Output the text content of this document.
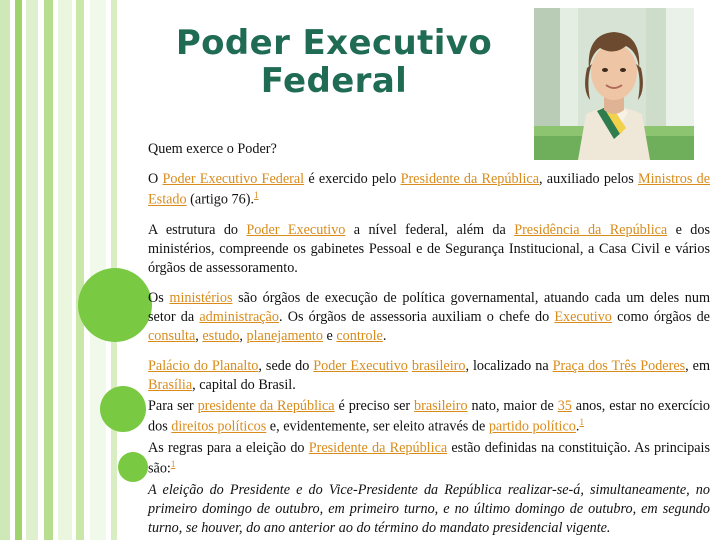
Poder Executivo
Federal

Quem exerce o Poder?

O Poder Executivo Federal é exercido pelo Presidente da República, auxiliado pelos Ministros de Estado (artigo 76).$^1$

A estrutura do Poder Executivo a nível federal, além da Presidência da República e dos ministérios, compreende os gabinetes Pessoal e de Segurança Institucional, a Casa Civil e vários órgãos de assessoramento.

Os ministérios são órgãos de execução de política governamental, atuando cada um deles num setor da administração. Os órgãos de assessoria auxiliam o chefe do Executivo como órgãos de consulta, estudo, planejamento e controle.

Palácio do Planalto, sede do Poder Executivo brasileiro, localizado na Praça dos Três Poderes, em Brasília, capital do Brasil.

Para ser presidente da República é preciso ser brasileiro nato, maior de 35 anos, estar no exercício dos direitos políticos e, evidentemente, ser eleito através de partido político.$^1$

As regras para a eleição do Presidente da República estão definidas na constituição. As principais são:$^1$

A eleição do Presidente e do Vice-Presidente da República realizar-se-á, simultaneamente, no primeiro domingo de outubro, em primeiro turno, e no último domingo de outubro, em segundo turno, se houver, do ano anterior ao do término do mandato presidencial vigente.
